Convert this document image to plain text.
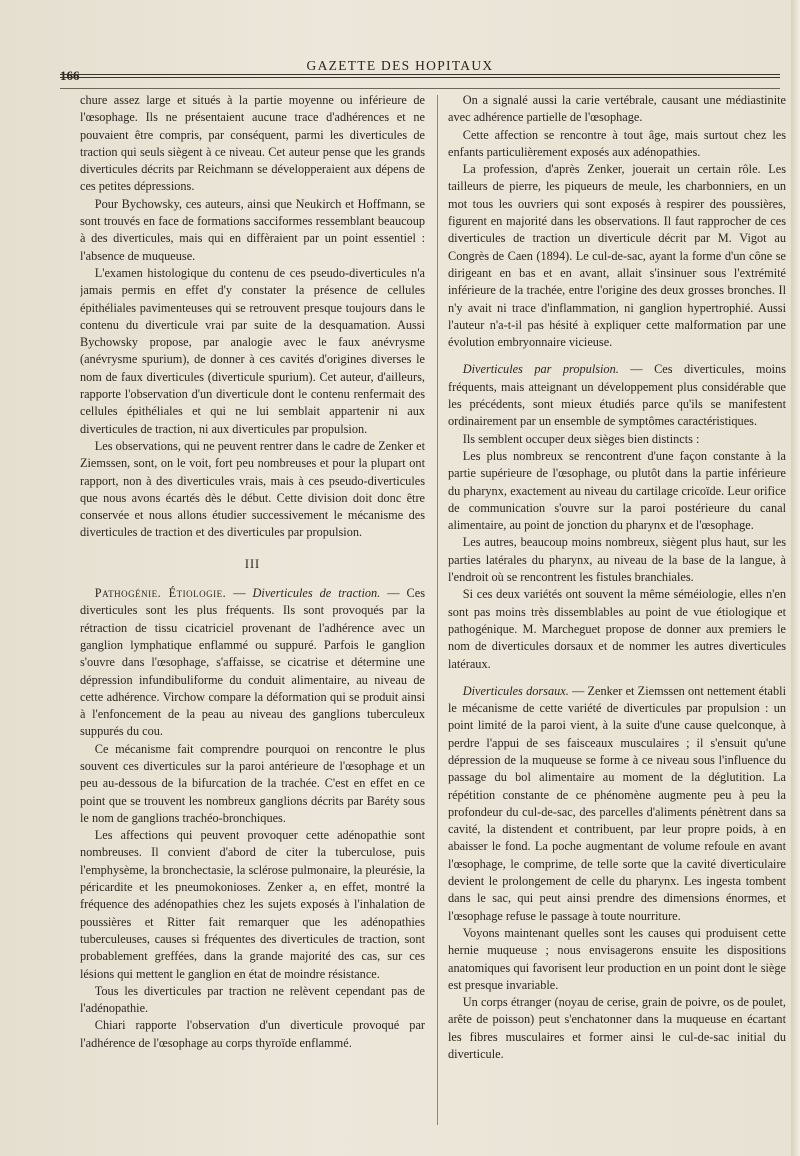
166
GAZETTE DES HOPITAUX

chure assez large et situés à la partie moyenne ou inférieure de l'œsophage. Ils ne présentaient aucune trace d'adhérences et ne pouvaient être compris, par conséquent, parmi les diverticules de traction qui seuls siègent à ce niveau. Cet auteur pense que les grands diverticules décrits par Reichmann se développeraient aux dépens de ces petites dépressions.

Pour Bychowsky, ces auteurs, ainsi que Neukirch et Hoffmann, se sont trouvés en face de formations sacciformes ressemblant beaucoup à des diverticules, mais qui en diffèraient par un point essentiel : l'absence de muqueuse.

L'examen histologique du contenu de ces pseudo-diverticules n'a jamais permis en effet d'y constater la présence de cellules épithéliales pavimenteuses qui se retrouvent presque toujours dans le contenu du diverticule vrai par suite de la desquamation. Aussi Bychowsky propose, par analogie avec le faux anévrysme (anévrysme spurium), de donner à ces cavités d'origines diverses le nom de faux diverticules (diverticule spurium). Cet auteur, d'ailleurs, rapporte l'observation d'un diverticule dont le contenu renfermait des cellules épithéliales et qui ne lui semblait appartenir ni aux diverticules de traction, ni aux diverticules par propulsion.

Les observations, qui ne peuvent rentrer dans le cadre de Zenker et Ziemssen, sont, on le voit, fort peu nombreuses et pour la plupart ont rapport, non à des diverticules vrais, mais à ces pseudo-diverticules que nous avons écartés dès le début. Cette division doit donc être conservée et nous allons étudier successivement le mécanisme des diverticules de traction et des diverticules par propulsion.

III

Pathogénie. Étiologie. — Diverticules de traction. — Ces diverticules sont les plus fréquents. Ils sont provoqués par la rétraction de tissu cicatriciel provenant de l'adhérence avec un ganglion lymphatique enflammé ou suppuré. Parfois le ganglion s'ouvre dans l'œsophage, s'affaisse, se cicatrise et détermine une dépression infundibuliforme du conduit alimentaire, au niveau de cette adhérence. Virchow compare la déformation qui se produit ainsi à l'enfoncement de la peau au niveau des ganglions tuberculeux suppurés du cou.

Ce mécanisme fait comprendre pourquoi on rencontre le plus souvent ces diverticules sur la paroi antérieure de l'œsophage et un peu au-dessous de la bifurcation de la trachée. C'est en effet en ce point que se trouvent les nombreux ganglions décrits par Baréty sous le nom de ganglions trachéo-bronchiques.

Les affections qui peuvent provoquer cette adénopathie sont nombreuses. Il convient d'abord de citer la tuberculose, puis l'emphysème, la bronchectasie, la sclérose pulmonaire, la pleurésie, la péricardite et les pneumokonioses. Zenker a, en effet, montré la fréquence des adénopathies chez les sujets exposés à l'inhalation de poussières et Ritter fait remarquer que les adénopathies tuberculeuses, causes si fréquentes des diverticules de traction, sont probablement greffées, dans la grande majorité des cas, sur ces lésions qui mettent le ganglion en état de moindre résistance.

Tous les diverticules par traction ne relèvent cependant pas de l'adénopathie.

Chiari rapporte l'observation d'un diverticule provoqué par l'adhérence de l'œsophage au corps thyroïde enflammé.

On a signalé aussi la carie vertébrale, causant une médiastinite avec adhérence partielle de l'œsophage.

Cette affection se rencontre à tout âge, mais surtout chez les enfants particulièrement exposés aux adénopathies.

La profession, d'après Zenker, jouerait un certain rôle. Les tailleurs de pierre, les piqueurs de meule, les charbonniers, en un mot tous les ouvriers qui sont exposés à respirer des poussières, figurent en majorité dans les observations. Il faut rapprocher de ces diverticules de traction un diverticule décrit par M. Vigot au Congrès de Caen (1894). Le cul-de-sac, ayant la forme d'un cône se dirigeant en bas et en avant, allait s'insinuer sous l'extrémité inférieure de la trachée, entre l'origine des deux grosses bronches. Il n'y avait ni trace d'inflammation, ni ganglion hypertrophié. Aussi l'auteur n'a-t-il pas hésité à expliquer cette malformation par une évolution embryonnaire vicieuse.

Diverticules par propulsion. — Ces diverticules, moins fréquents, mais atteignant un développement plus considérable que les précédents, sont mieux étudiés parce qu'ils se manifestent ordinairement par un ensemble de symptômes caractéristiques.

Ils semblent occuper deux sièges bien distincts :

Les plus nombreux se rencontrent d'une façon constante à la partie supérieure de l'œsophage, ou plutôt dans la partie inférieure du pharynx, exactement au niveau du cartilage cricoïde. Leur orifice de communication s'ouvre sur la paroi postérieure du canal alimentaire, au point de jonction du pharynx et de l'œsophage.

Les autres, beaucoup moins nombreux, siègent plus haut, sur les parties latérales du pharynx, au niveau de la base de la langue, à l'endroit où se rencontrent les fistules branchiales.

Si ces deux variétés ont souvent la même séméiologie, elles n'en sont pas moins très dissemblables au point de vue étiologique et pathogénique. M. Marcheguet propose de donner aux premiers le nom de diverticules dorsaux et de nommer les autres diverticules latéraux.

Diverticules dorsaux. — Zenker et Ziemssen ont nettement établi le mécanisme de cette variété de diverticules par propulsion : un point limité de la paroi vient, à la suite d'une cause quelconque, à perdre l'appui de ses faisceaux musculaires ; il s'ensuit qu'une dépression de la muqueuse se forme à ce niveau sous l'influence du passage du bol alimentaire au moment de la déglutition. La répétition constante de ce phénomène augmente peu à peu la profondeur du cul-de-sac, des parcelles d'aliments pénètrent dans sa cavité, la distendent et contribuent, par leur propre poids, à en abaisser le fond. La poche augmentant de volume refoule en avant l'œsophage, le comprime, de telle sorte que la cavité diverticulaire devient le prolongement de celle du pharynx. Les ingesta tombent dans le sac, qui peut ainsi prendre des dimensions énormes, et l'œsophage refuse le passage à toute nourriture.

Voyons maintenant quelles sont les causes qui produisent cette hernie muqueuse ; nous envisagerons ensuite les dispositions anatomiques qui favorisent leur production en un point dont le siège est presque invariable.

Un corps étranger (noyau de cerise, grain de poivre, os de poulet, arête de poisson) peut s'enchatonner dans la muqueuse en écartant les fibres musculaires et former ainsi le cul-de-sac initial du diverticule.
